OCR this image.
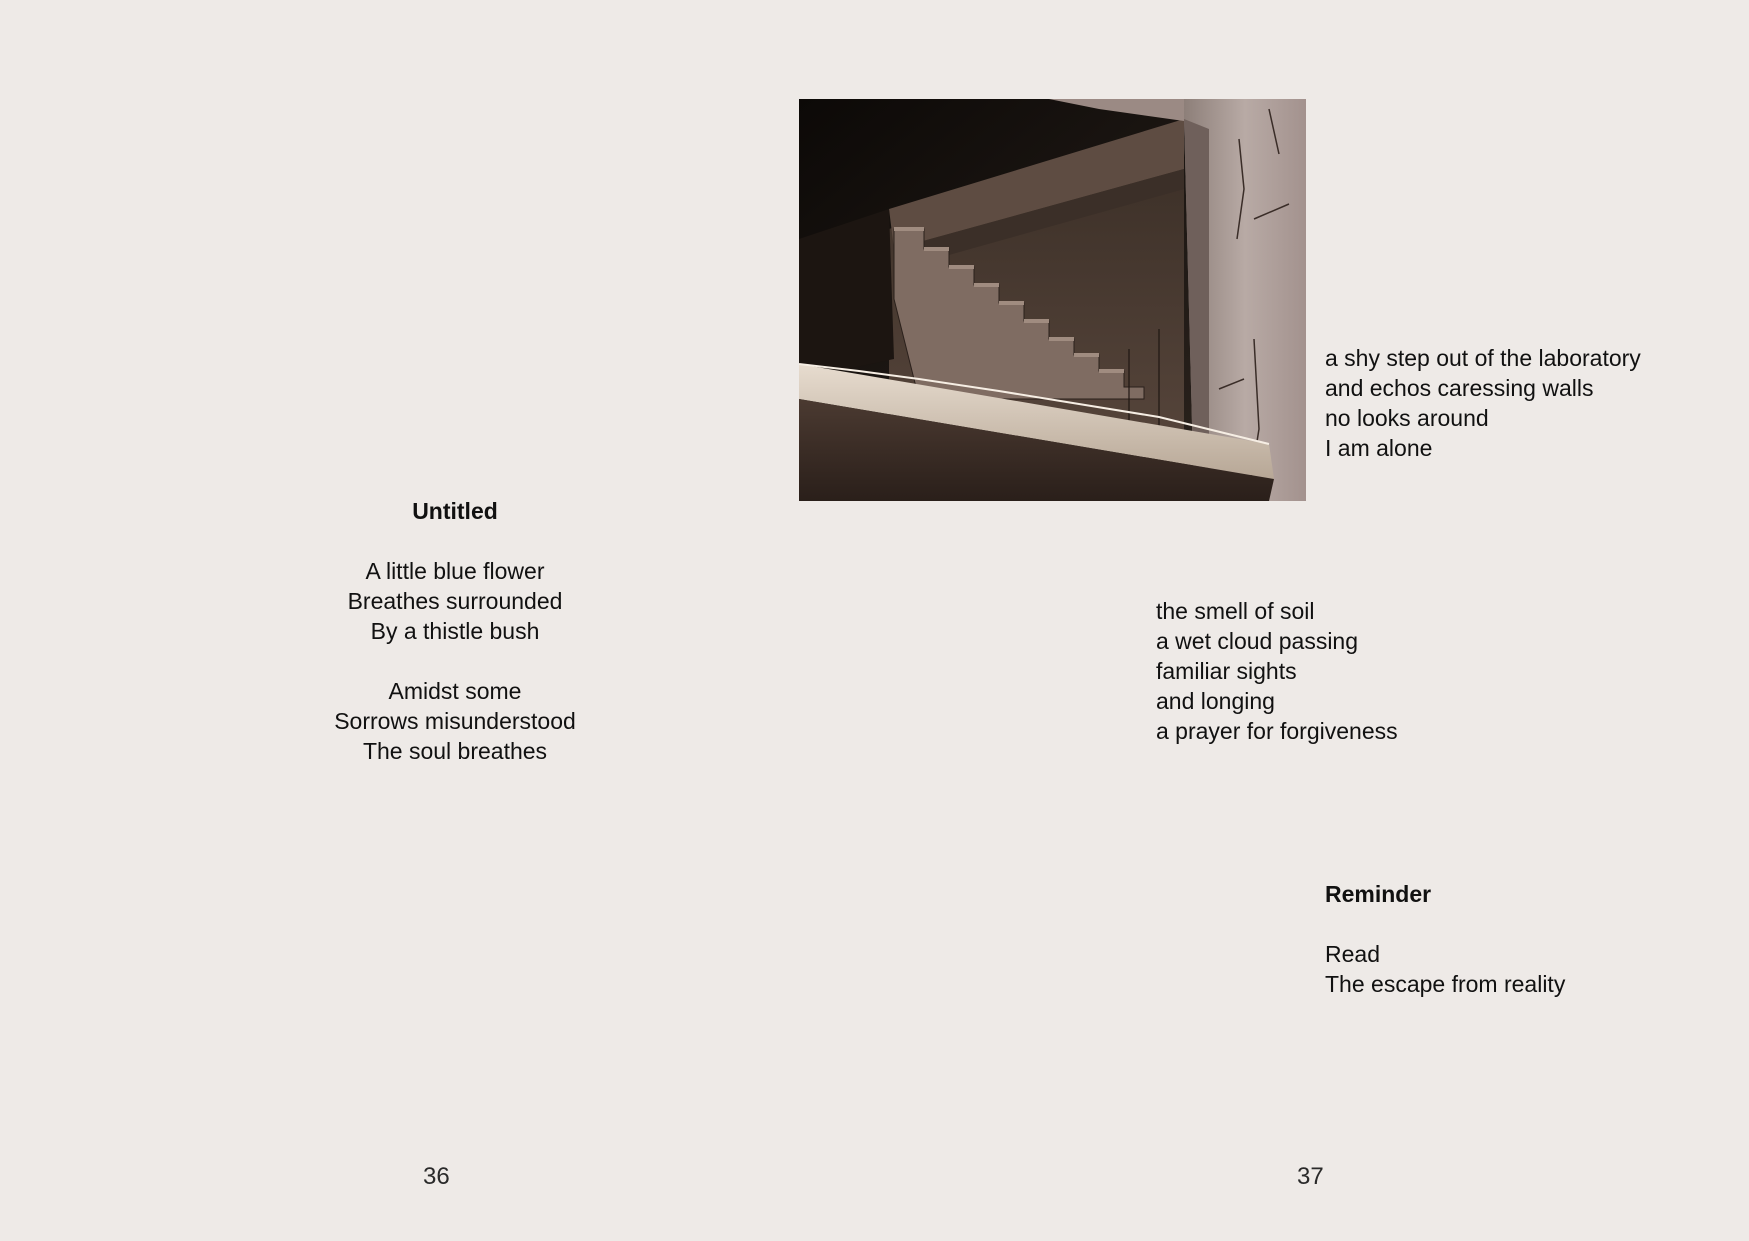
Untitled

A little blue flower

Breathes surrounded

By a thistle bush

Amidst some

Sorrows misunderstood

The soul breathes

36

a shy step out of the laboratory

and echos caressing walls

no looks around

I am alone

the smell of soil

a wet cloud passing

familiar sights

and longing

a prayer for forgiveness

Reminder

Read

The escape from reality

37
